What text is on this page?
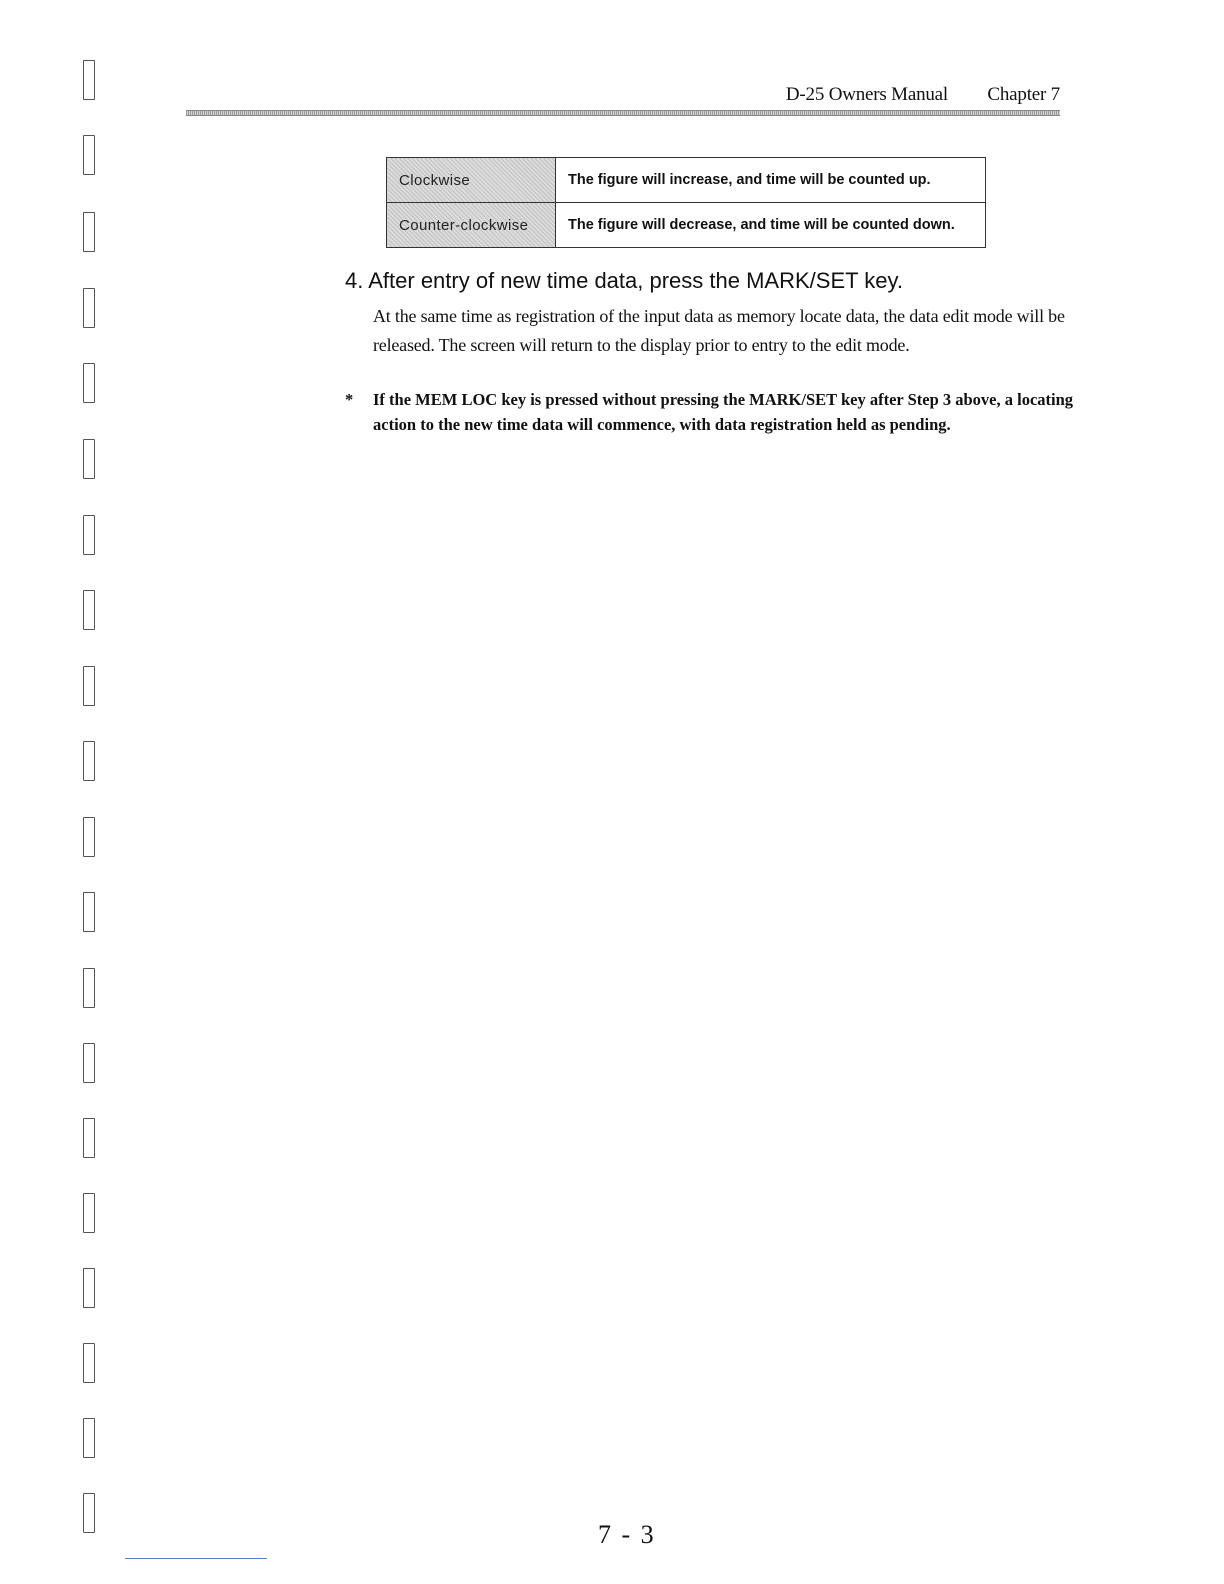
D-25 Owners Manual Chapter 7
Clockwise	The figure will increase, and time will be counted up.
Counter-clockwise	The figure will decrease, and time will be counted down.
4. After entry of new time data, press the MARK/SET key.
At the same time as registration of the input data as memory locate data, the data edit mode will be released. The screen will return to the display prior to entry to the edit mode.
*	If the MEM LOC key is pressed without pressing the MARK/SET key after Step 3 above, a locating action to the new time data will commence, with data registration held as pending.
7 - 3
